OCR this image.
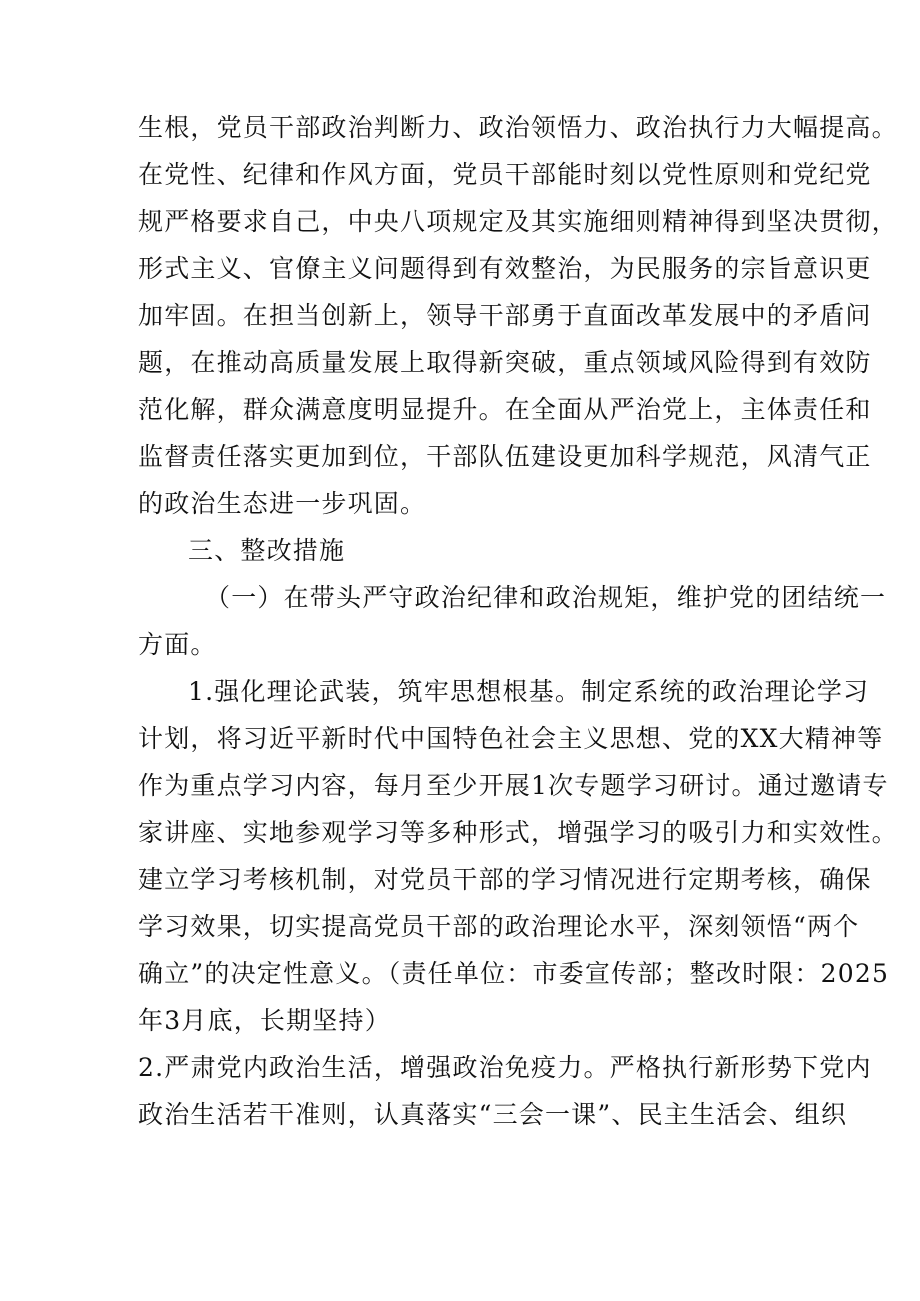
生根，党员干部政治判断力、政治领悟力、政治执行力大幅提高。
在党性、纪律和作风方面，党员干部能时刻以党性原则和党纪党
规严格要求自己，中央八项规定及其实施细则精神得到坚决贯彻，
形式主义、官僚主义问题得到有效整治，为民服务的宗旨意识更
加牢固。在担当创新上，领导干部勇于直面改革发展中的矛盾问
题，在推动高质量发展上取得新突破，重点领域风险得到有效防
范化解，群众满意度明显提升。在全面从严治党上，主体责任和
监督责任落实更加到位，干部队伍建设更加科学规范，风清气正
的政治生态进一步巩固。
三、整改措施
（一）在带头严守政治纪律和政治规矩，维护党的团结统一
方面。
1.强化理论武装，筑牢思想根基。制定系统的政治理论学习
计划，将习近平新时代中国特色社会主义思想、党的XX大精神等
作为重点学习内容，每月至少开展1次专题学习研讨。通过邀请专
家讲座、实地参观学习等多种形式，增强学习的吸引力和实效性。
建立学习考核机制，对党员干部的学习情况进行定期考核，确保
学习效果，切实提高党员干部的政治理论水平，深刻领悟“两个
确立”的决定性意义。（责任单位：市委宣传部；整改时限：2025
年3月底，长期坚持）
2.严肃党内政治生活，增强政治免疫力。严格执行新形势下党内
政治生活若干准则，认真落实“三会一课”、民主生活会、组织
